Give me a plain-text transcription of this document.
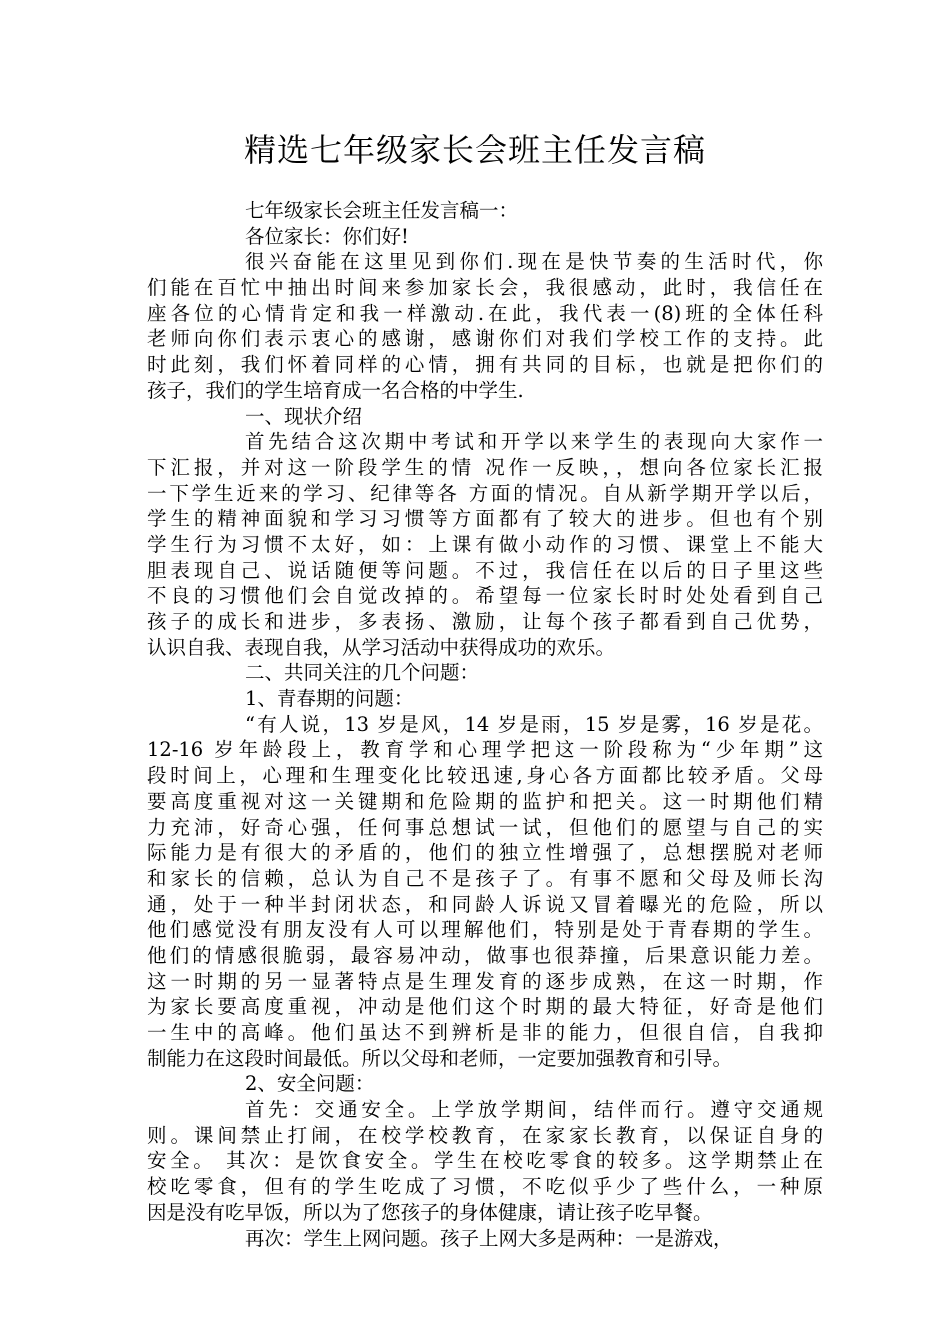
精选七年级家长会班主任发言稿
七年级家长会班主任发言稿一：
各位家长：你们好!
很兴奋能在这里见到你们.现在是快节奏的生活时代，你
们能在百忙中抽出时间来参加家长会，我很感动，此时，我信任在
座各位的心情肯定和我一样激动.在此，我代表一(8)班的全体任科
老师向你们表示衷心的感谢，感谢你们对我们学校工作的支持。此
时此刻，我们怀着同样的心情，拥有共同的目标，也就是把你们的
孩子，我们的学生培育成一名合格的中学生.
一、现状介绍
首先结合这次期中考试和开学以来学生的表现向大家作一
下汇报，并对这一阶段学生的情 况作一反映，，想向各位家长汇报
一下学生近来的学习、纪律等各 方面的情况。自从新学期开学以后，
学生的精神面貌和学习习惯等方面都有了较大的进步。但也有个别
学生行为习惯不太好，如：上课有做小动作的习惯、课堂上不能大
胆表现自己、说话随便等问题。不过，我信任在以后的日子里这些
不良的习惯他们会自觉改掉的。希望每一位家长时时处处看到自己
孩子的成长和进步，多表扬、激励，让每个孩子都看到自己优势，
认识自我、表现自我，从学习活动中获得成功的欢乐。
二、共同关注的几个问题：
1、青春期的问题：
“有人说，13 岁是风，14 岁是雨，15 岁是雾，16 岁是花。
12-16 岁年龄段上，教育学和心理学把这一阶段称为“少年期”这
段时间上，心理和生理变化比较迅速,身心各方面都比较矛盾。父母
要高度重视对这一关键期和危险期的监护和把关。这一时期他们精
力充沛，好奇心强，任何事总想试一试，但他们的愿望与自己的实
际能力是有很大的矛盾的，他们的独立性增强了，总想摆脱对老师
和家长的信赖，总认为自己不是孩子了。有事不愿和父母及师长沟
通，处于一种半封闭状态，和同龄人诉说又冒着曝光的危险，所以
他们感觉没有朋友没有人可以理解他们，特别是处于青春期的学生。
他们的情感很脆弱，最容易冲动，做事也很莽撞，后果意识能力差。
这一时期的另一显著特点是生理发育的逐步成熟，在这一时期，作
为家长要高度重视，冲动是他们这个时期的最大特征，好奇是他们
一生中的高峰。他们虽达不到辨析是非的能力，但很自信，自我抑
制能力在这段时间最低。所以父母和老师，一定要加强教育和引导。
2、安全问题：
首先：交通安全。上学放学期间，结伴而行。遵守交通规
则。课间禁止打闹，在校学校教育，在家家长教育，以保证自身的
安全。 其次：是饮食安全。学生在校吃零食的较多。这学期禁止在
校吃零食，但有的学生吃成了习惯，不吃似乎少了些什么，一种原
因是没有吃早饭，所以为了您孩子的身体健康，请让孩子吃早餐。
再次：学生上网问题。孩子上网大多是两种：一是游戏，
